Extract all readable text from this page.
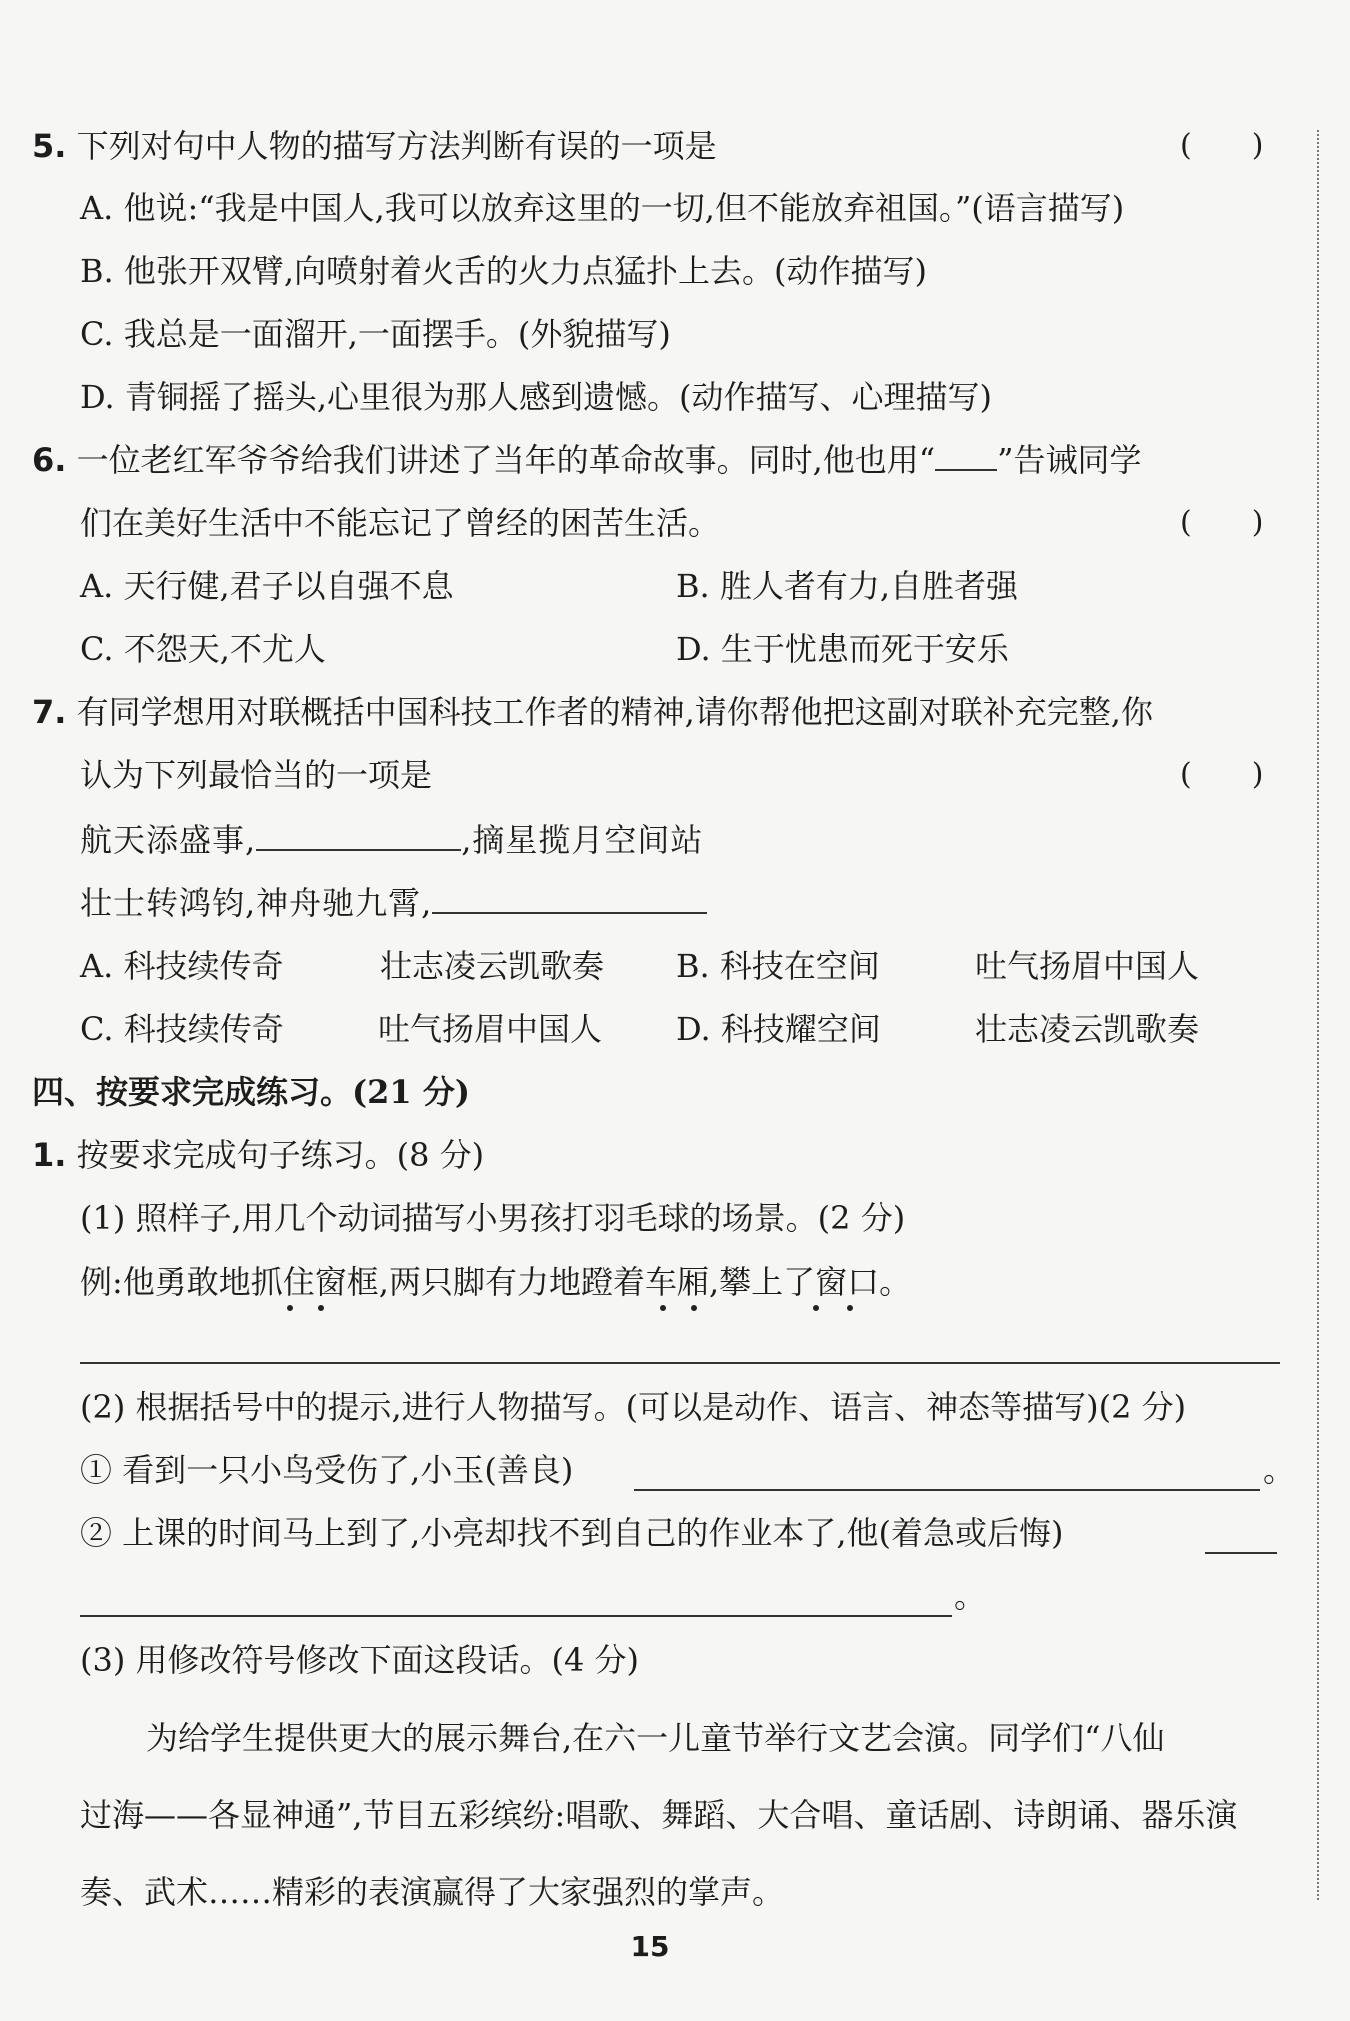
5. 下列对句中人物的描写方法判断有误的一项是	(　　)
A. 他说:“我是中国人,我可以放弃这里的一切,但不能放弃祖国。”(语言描写)
B. 他张开双臂,向喷射着火舌的火力点猛扑上去。(动作描写)
C. 我总是一面溜开,一面摆手。(外貌描写)
D. 青铜摇了摇头,心里很为那人感到遗憾。(动作描写、心理描写)
6. 一位老红军爷爷给我们讲述了当年的革命故事。同时,他也用“ ”告诫同学
们在美好生活中不能忘记了曾经的困苦生活。	(　　)
A. 天行健,君子以自强不息	B. 胜人者有力,自胜者强
C. 不怨天,不尤人	D. 生于忧患而死于安乐
7. 有同学想用对联概括中国科技工作者的精神,请你帮他把这副对联补充完整,你
认为下列最恰当的一项是	(　　)
航天添盛事,	,摘星揽月空间站
壮士转鸿钧,神舟驰九霄,
A. 科技续传奇	壮志凌云凯歌奏 B. 科技在空间	吐气扬眉中国人
C. 科技续传奇	吐气扬眉中国人 D. 科技耀空间	壮志凌云凯歌奏
四、按要求完成练习。(21 分)
1. 按要求完成句子练习。(8 分)
(1) 照样子,用几个动词描写小男孩打羽毛球的场景。(2 分)
例:他勇敢地抓住窗框,两只脚有力地蹬着车厢,攀上了窗口。
(2) 根据括号中的提示,进行人物描写。(可以是动作、语言、神态等描写)(2 分)
① 看到一只小鸟受伤了,小玉(善良)	。
② 上课的时间马上到了,小亮却找不到自己的作业本了,他(着急或后悔)
。
(3) 用修改符号修改下面这段话。(4 分)
为给学生提供更大的展示舞台,在六一儿童节举行文艺会演。同学们“八仙
过海——各显神通”,节目五彩缤纷:唱歌、舞蹈、大合唱、童话剧、诗朗诵、器乐演
奏、武术……精彩的表演赢得了大家强烈的掌声。
15
